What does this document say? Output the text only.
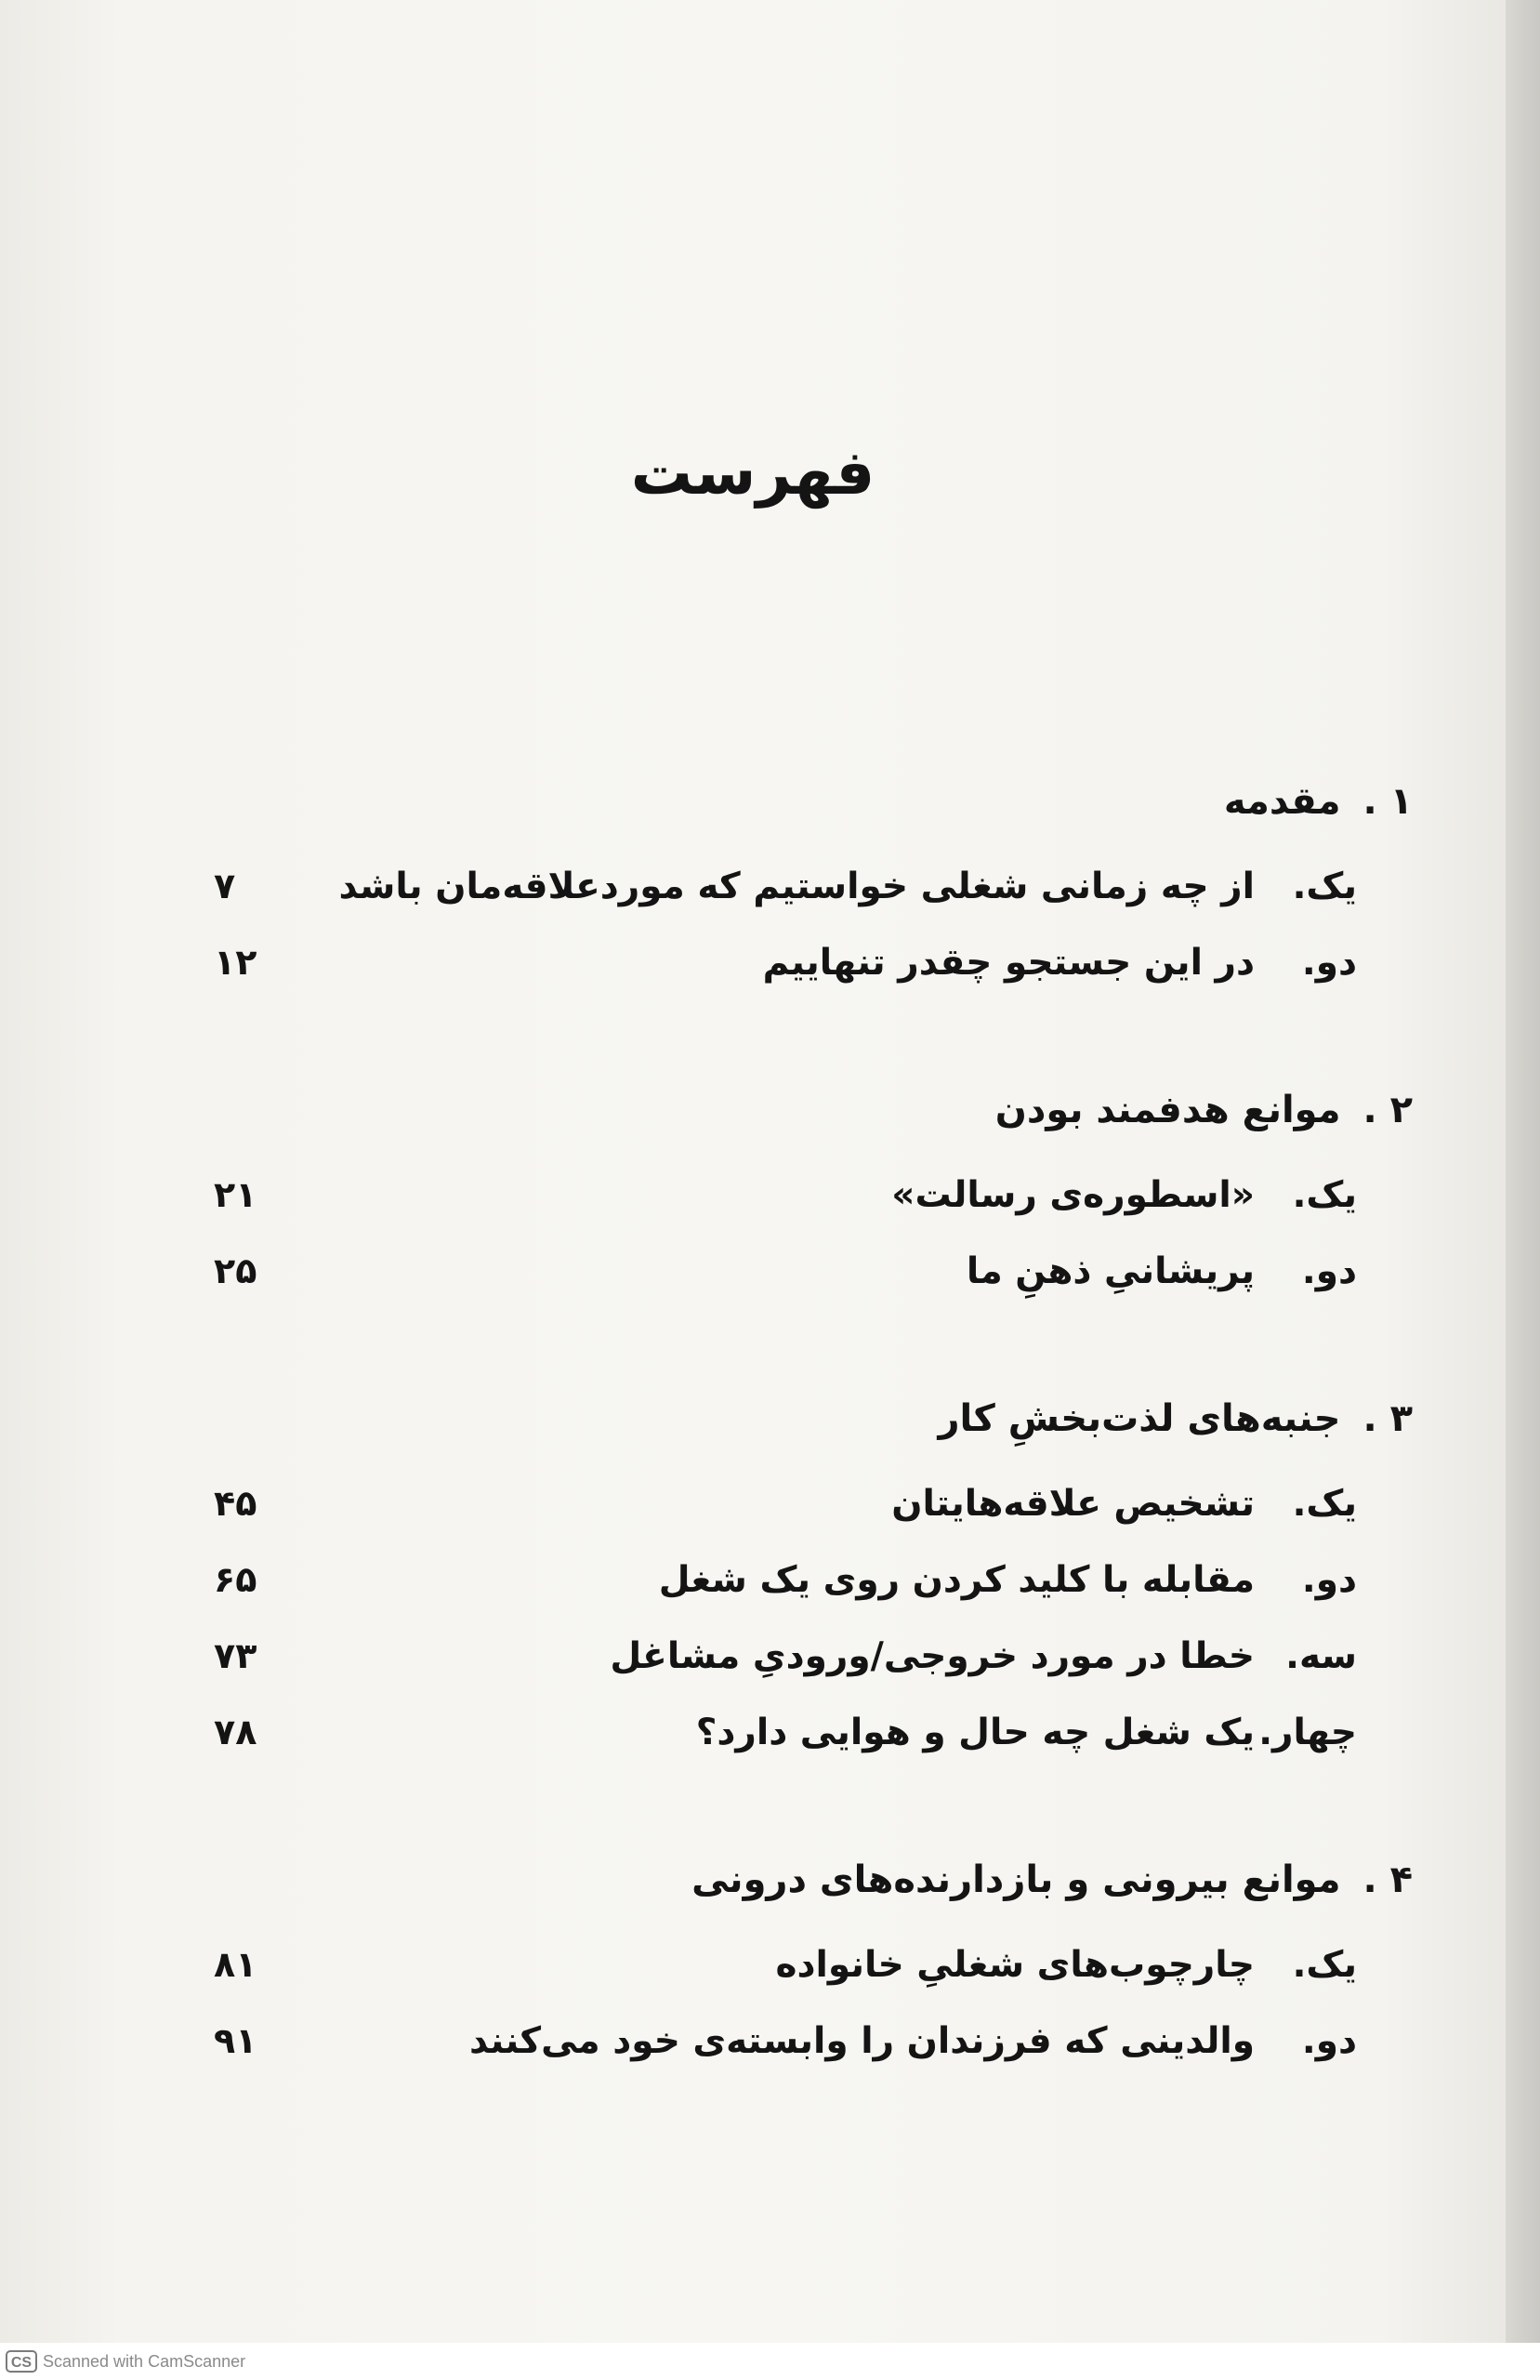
فهرست
۱ . مقدمه
یک.
از چه زمانی شغلی خواستیم که موردعلاقه‌مان باشد
۷
دو.
در این جستجو چقدر تنهاییم
۱۲
۲ . موانع هدفمند بودن
یک.
«اسطوره‌ی رسالت»
۲۱
دو.
پریشانیِ ذهنِ ما
۲۵
۳ . جنبه‌های لذت‌بخشِ کار
یک.
تشخیص علاقه‌هایتان
۴۵
دو.
مقابله با کلید کردن روی یک شغل
۶۵
سه.
خطا در مورد خروجی/ورودیِ مشاغل
۷۳
چهار.
یک شغل چه حال و هوایی دارد؟
۷۸
۴ . موانع بیرونی و بازدارنده‌های درونی
یک.
چارچوب‌های شغلیِ خانواده
۸۱
دو.
والدینی که فرزندان را وابسته‌ی خود می‌کنند
۹۱
CS Scanned with CamScanner
